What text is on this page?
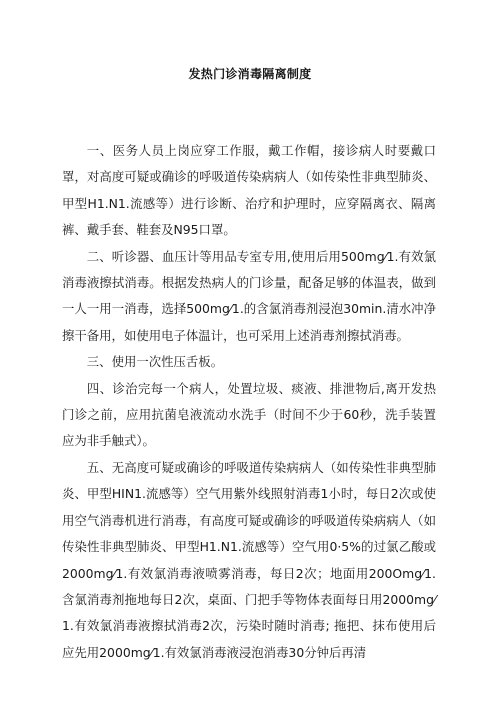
发热门诊消毒隔离制度

一、医务人员上岗应穿工作服，戴工作帽，接诊病人时要戴口罩，对高度可疑或确诊的呼吸道传染病病人（如传染性非典型肺炎、甲型H1.N1.流感等）进行诊断、治疗和护理时，应穿隔离衣、隔离裤、戴手套、鞋套及N95口罩。

二、听诊器、血压计等用品专室专用,使用后用500mg⁄1.有效氯消毒液擦拭消毒。根据发热病人的门诊量，配备足够的体温表，做到一人一用一消毒，选择500mg⁄1.的含氯消毒剂浸泡30min.清水冲净擦干备用，如使用电子体温计，也可采用上述消毒剂擦拭消毒。

三、使用一次性压舌板。

四、诊治完每一个病人，处置垃圾、痰液、排泄物后,离开发热门诊之前，应用抗菌皂液流动水洗手（时间不少于60秒，洗手装置应为非手触式）。

五、无高度可疑或确诊的呼吸道传染病病人（如传染性非典型肺炎、甲型HIN1.流感等）空气用紫外线照射消毒1小时，每日2次或使用空气消毒机进行消毒，有高度可疑或确诊的呼吸道传染病病人（如传染性非典型肺炎、甲型H1.N1.流感等）空气用0·5%的过氯乙酸或2000mg⁄1.有效氯消毒液喷雾消毒，每日2次；地面用200Omg⁄1.含氯消毒剂拖地每日2次，桌面、门把手等物体表面每日用2000mg⁄1.有效氯消毒液擦拭消毒2次，污染时随时消毒; 拖把、抹布使用后应先用2000mg⁄1.有效氯消毒液浸泡消毒30分钟后再清
